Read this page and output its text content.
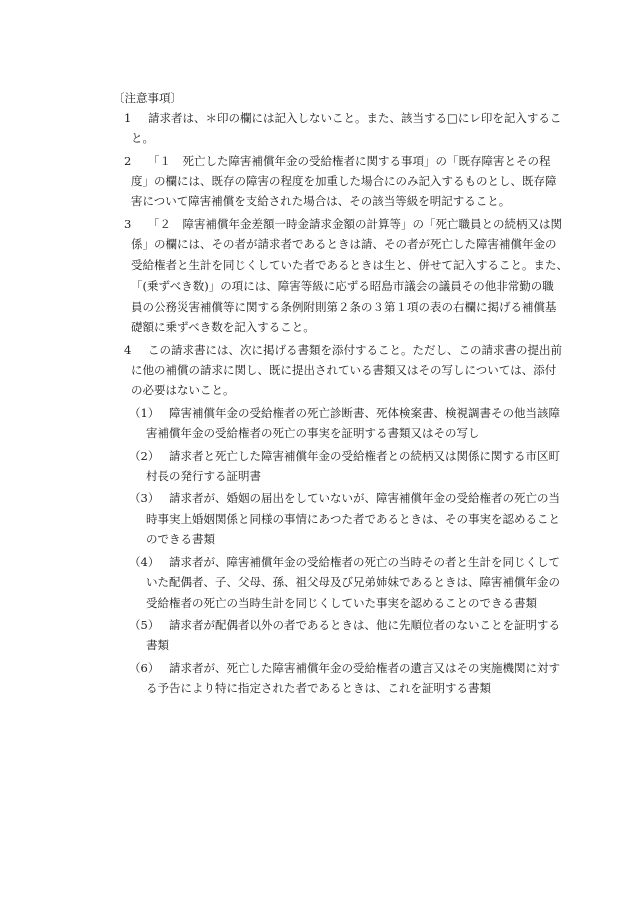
〔注意事項〕
1 請求者は、＊印の欄には記入しないこと。また、該当する□にレ印を記入するこ
と。
2 「１　死亡した障害補償年金の受給権者に関する事項」の「既存障害とその程
度」の欄には、既存の障害の程度を加重した場合にのみ記入するものとし、既存障
害について障害補償を支給された場合は、その該当等級を明記すること。
3 「２　障害補償年金差額一時金請求金額の計算等」の「死亡職員との続柄又は関
係」の欄には、その者が請求者であるときは請、その者が死亡した障害補償年金の
受給権者と生計を同じくしていた者であるときは生と、併せて記入すること。また、
「(乗ずべき数)」の項には、障害等級に応ずる昭島市議会の議員その他非常勤の職
員の公務災害補償等に関する条例附則第２条の３第１項の表の右欄に掲げる補償基
礎額に乗ずべき数を記入すること。
4 この請求書には、次に掲げる書類を添付すること。ただし、この請求書の提出前
に他の補償の請求に関し、既に提出されている書類又はその写しについては、添付
の必要はないこと。
（1） 障害補償年金の受給権者の死亡診断書、死体検案書、検視調書その他当該障
害補償年金の受給権者の死亡の事実を証明する書類又はその写し
（2） 請求者と死亡した障害補償年金の受給権者との続柄又は関係に関する市区町
村長の発行する証明書
（3） 請求者が、婚姻の届出をしていないが、障害補償年金の受給権者の死亡の当
時事実上婚姻関係と同様の事情にあつた者であるときは、その事実を認めること
のできる書類
（4） 請求者が、障害補償年金の受給権者の死亡の当時その者と生計を同じくして
いた配偶者、子、父母、孫、祖父母及び兄弟姉妹であるときは、障害補償年金の
受給権者の死亡の当時生計を同じくしていた事実を認めることのできる書類
（5） 請求者が配偶者以外の者であるときは、他に先順位者のないことを証明する
書類
（6） 請求者が、死亡した障害補償年金の受給権者の遺言又はその実施機関に対す
る予告により特に指定された者であるときは、これを証明する書類
